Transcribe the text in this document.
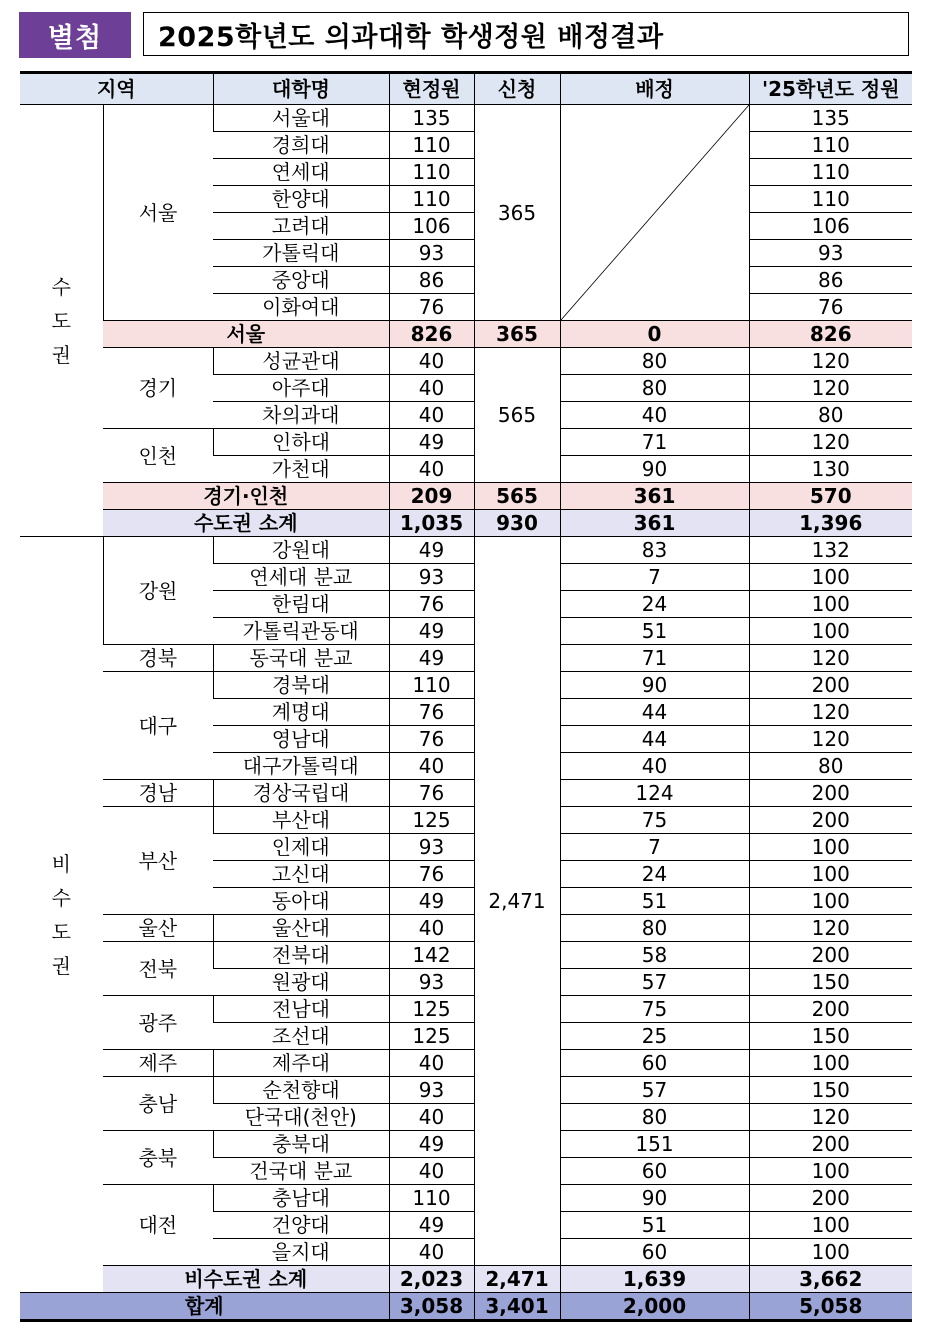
별첨	2025학년도 의과대학 학생정원 배정결과
지역		대학명	현정원	신청	배정	'25학년도 정원
수
도
권	서울	서울대	135	365		135
		경희대	110			110
		연세대	110			110
		한양대	110			110
		고려대	106			106
		가톨릭대	93			93
		중앙대	86			86
		이화여대	76			76
	서울		826	365	0	826
	경기	성균관대	40	565	80	120
		아주대	40		80	120
		차의과대	40		40	80
	인천	인하대	49		71	120
		가천대	40		90	130
	경기·인천		209	565	361	570
	수도권 소계		1,035	930	361	1,396
비
수
도
권	강원	강원대	49	2,471	83	132
		연세대 분교	93		7	100
		한림대	76		24	100
		가톨릭관동대	49		51	100
	경북	동국대 분교	49		71	120
	대구	경북대	110		90	200
		계명대	76		44	120
		영남대	76		44	120
		대구가톨릭대	40		40	80
	경남	경상국립대	76		124	200
	부산	부산대	125		75	200
		인제대	93		7	100
		고신대	76		24	100
		동아대	49		51	100
	울산	울산대	40		80	120
	전북	전북대	142		58	200
		원광대	93		57	150
	광주	전남대	125		75	200
		조선대	125		25	150
	제주	제주대	40		60	100
	충남	순천향대	93		57	150
		단국대(천안)	40		80	120
	충북	충북대	49		151	200
		건국대 분교	40		60	100
	대전	충남대	110		90	200
		건양대	49		51	100
		을지대	40		60	100
	비수도권 소계		2,023	2,471	1,639	3,662
합계			3,058	3,401	2,000	5,058
